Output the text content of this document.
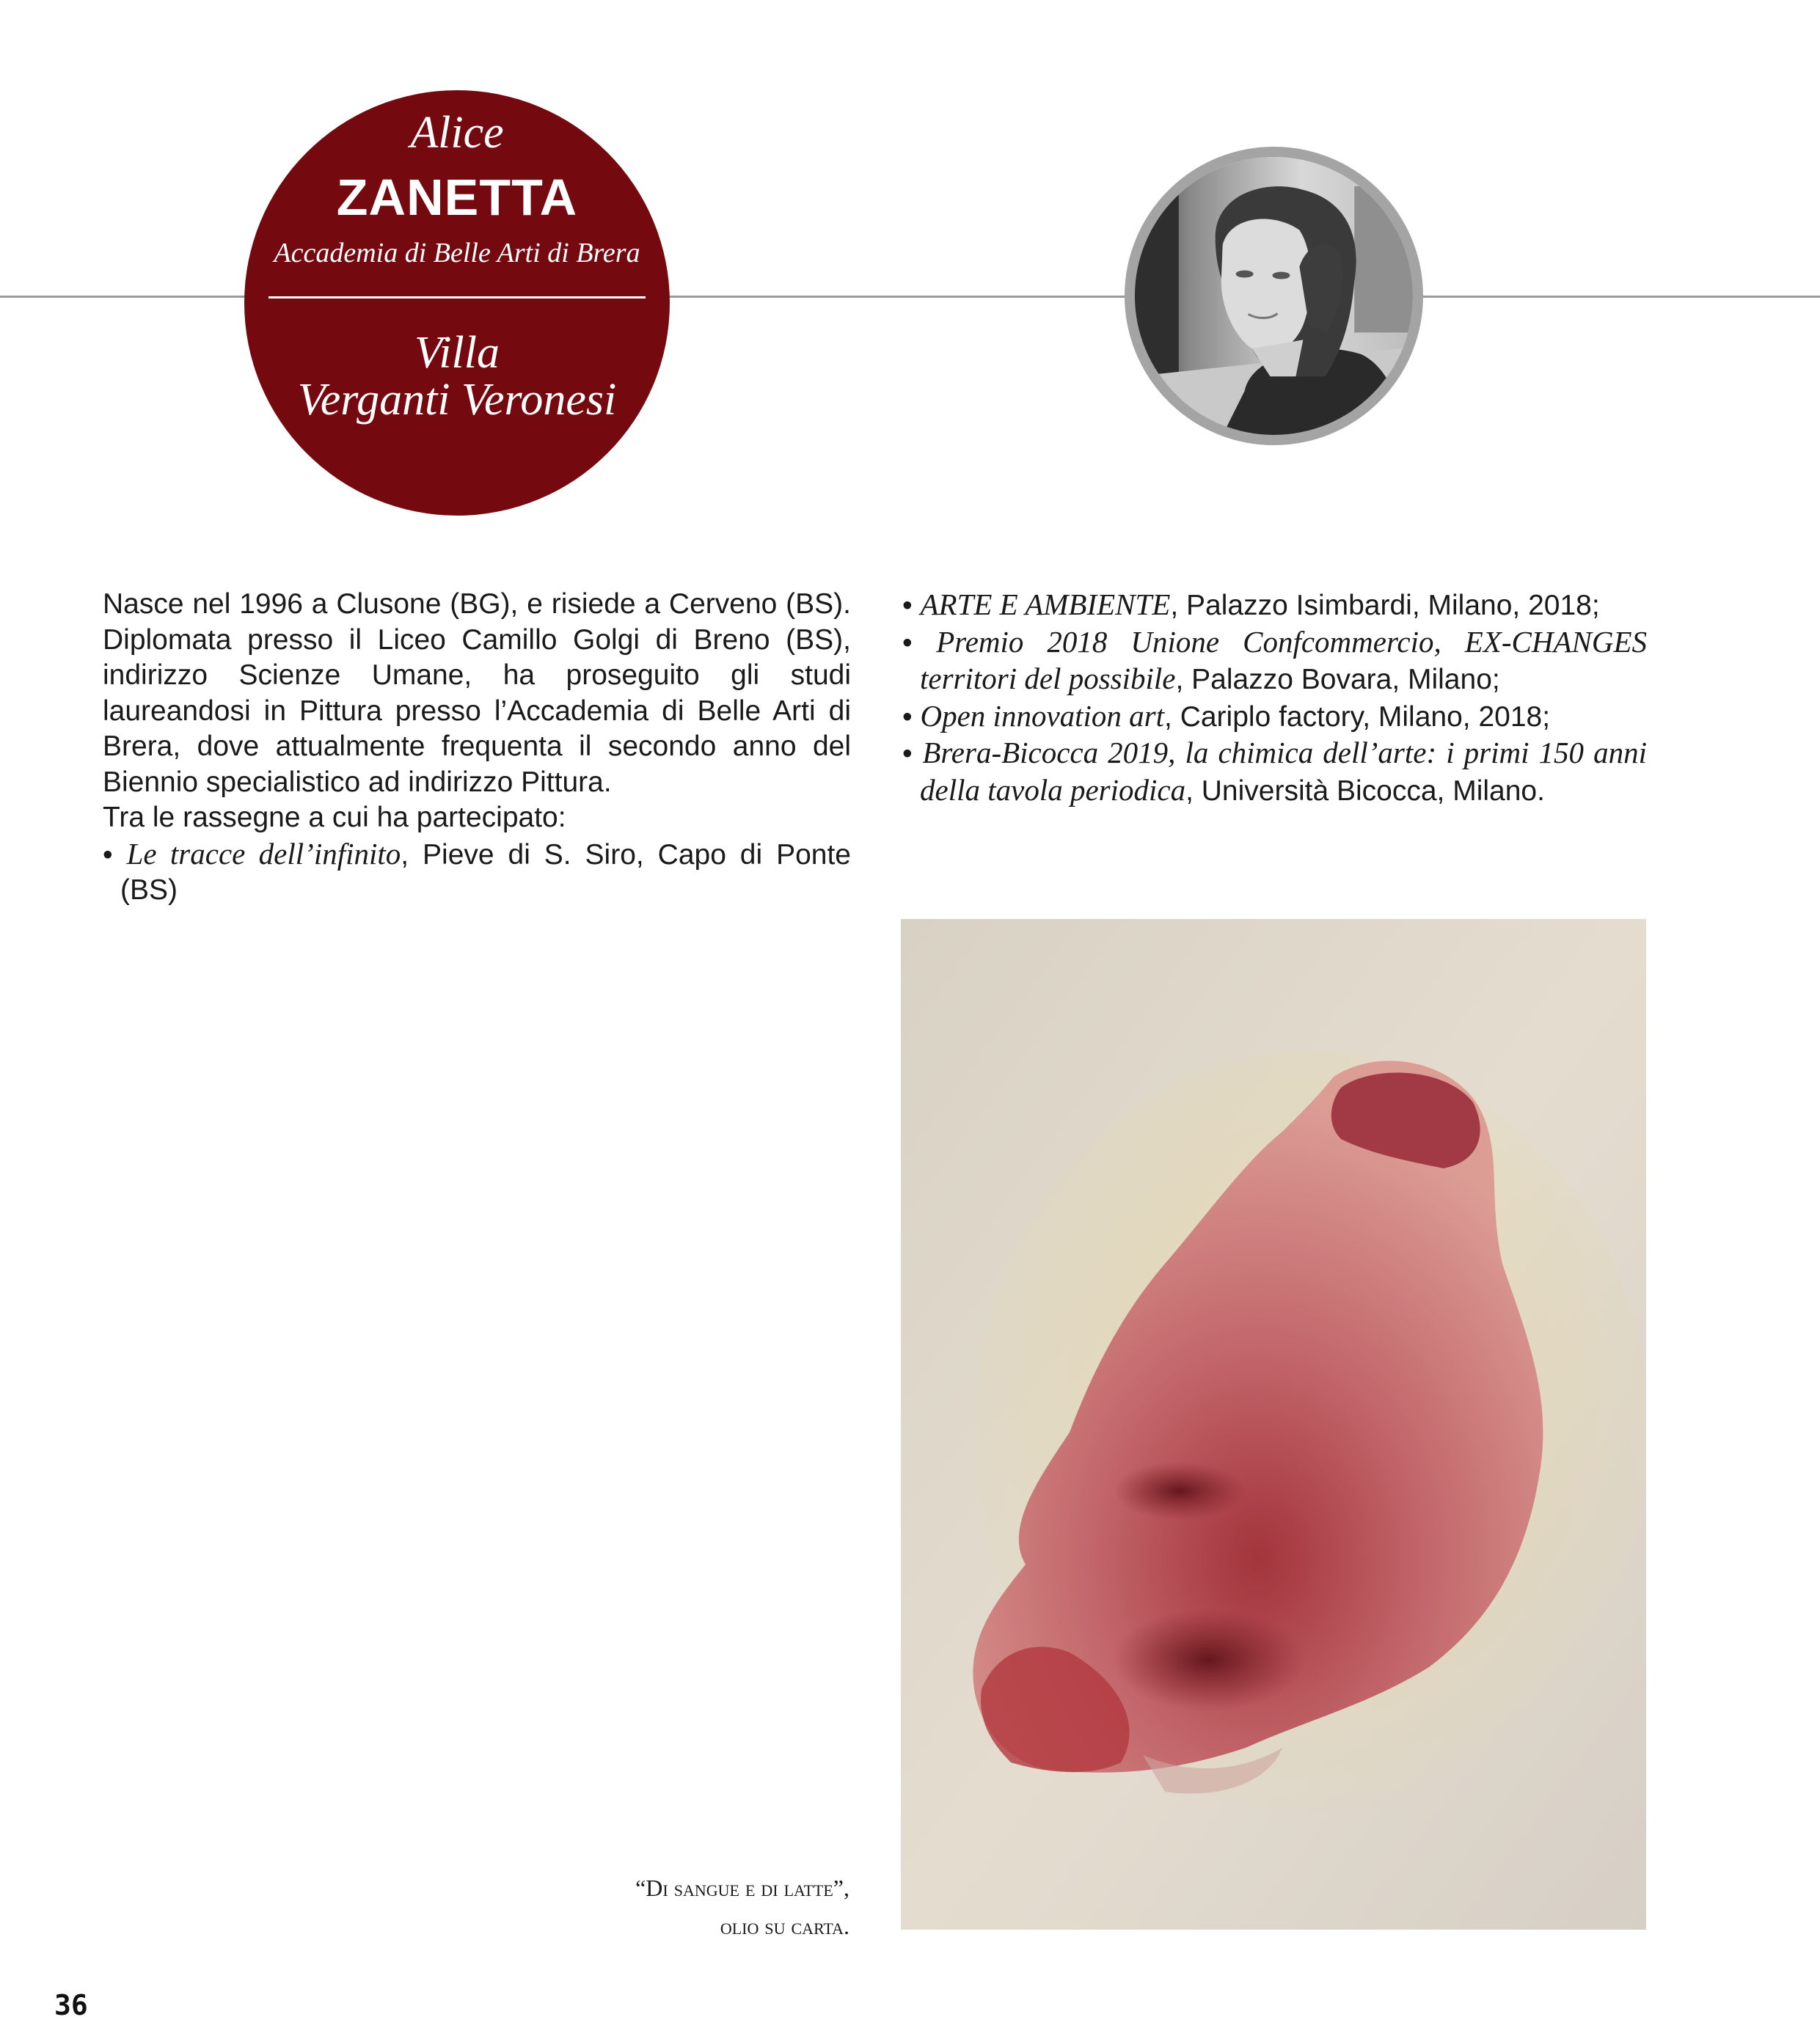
Alice
ZANETTA
Accademia di Belle Arti di Brera
Villa
Verganti Veronesi

Nasce nel 1996 a Clusone (BG), e risiede a Cerveno (BS). Diplomata presso il Liceo Camillo Golgi di Breno (BS), indirizzo Scienze Umane, ha proseguito gli studi laureandosi in Pittura presso l’Accademia di Belle Arti di Brera, dove attualmente frequenta il secondo anno del Biennio specialistico ad indirizzo Pittura.

Tra le rassegne a cui ha partecipato:

• Le tracce dell’infinito, Pieve di S. Siro, Capo di Ponte (BS)

• ARTE E AMBIENTE, Palazzo Isimbardi, Milano, 2018;

• Premio 2018 Unione Confcommercio, EX-CHANGES territori del possibile, Palazzo Bovara, Milano;

• Open innovation art, Cariplo factory, Milano, 2018;

• Brera-Bicocca 2019, la chimica dell’arte: i primi 150 anni della tavola periodica, Università Bicocca, Milano.

“Di sangue e di latte”,
olio su carta.
36
